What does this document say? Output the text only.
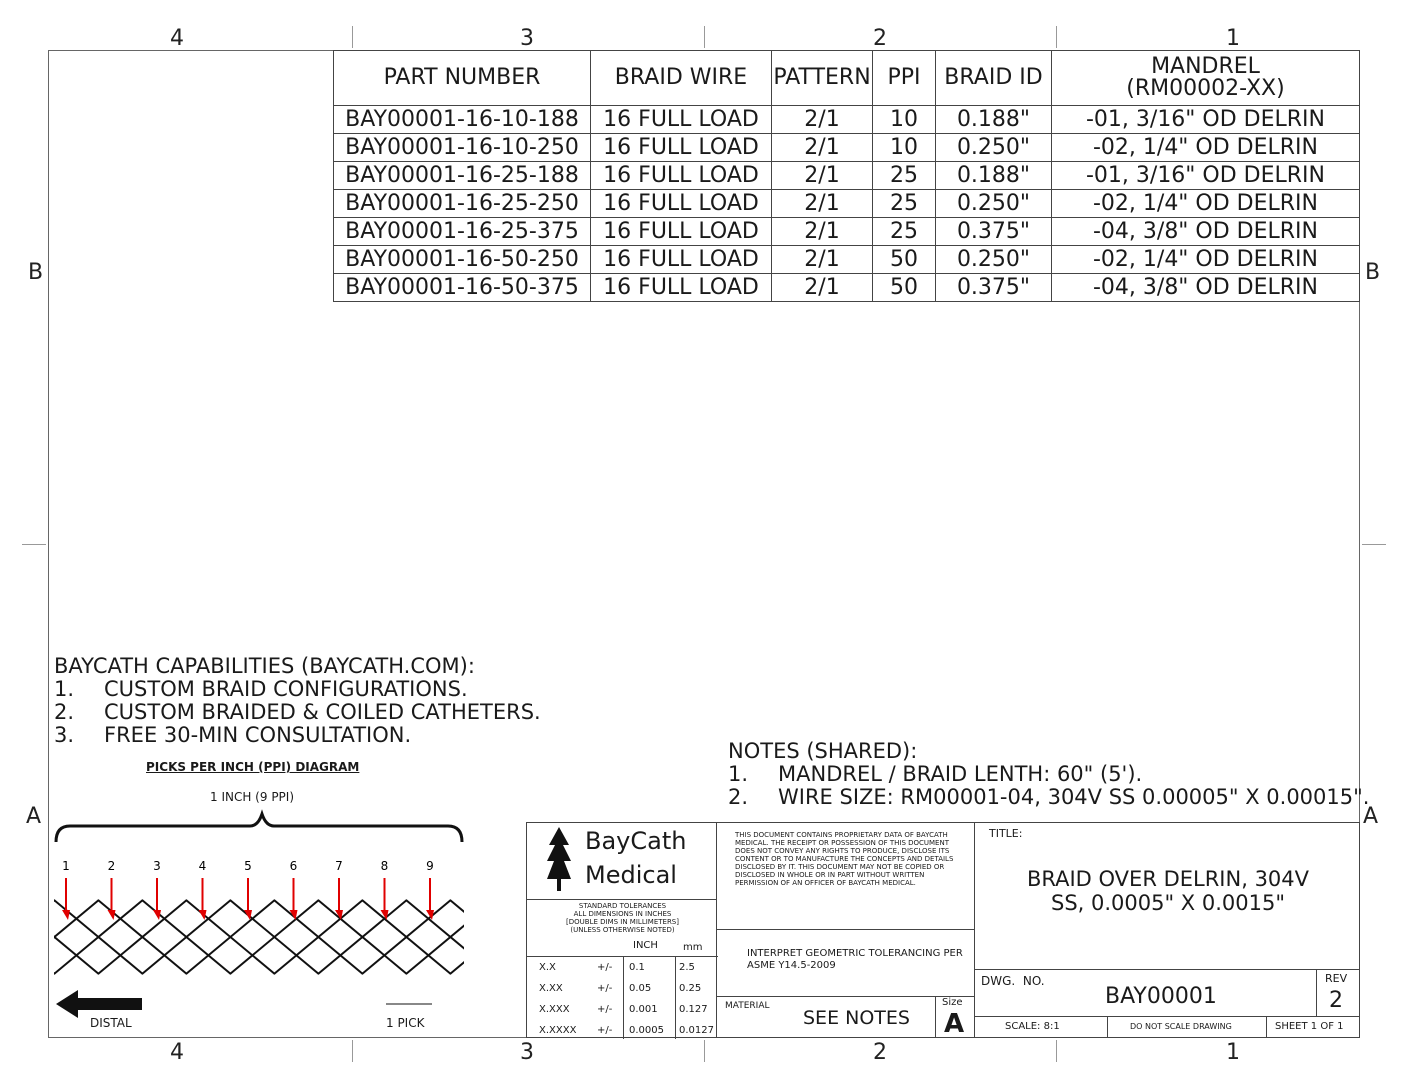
4	3	2	1
4	3	2	1
B
A
B
A
PART NUMBER	BRAID WIRE	PATTERN	PPI	BRAID ID	MANDREL
(RM00002-XX)
BAY00001-16-10-188	16 FULL LOAD	2/1	10	0.188"	-01, 3/16" OD DELRIN
BAY00001-16-10-250	16 FULL LOAD	2/1	10	0.250"	-02, 1/4" OD DELRIN
BAY00001-16-25-188	16 FULL LOAD	2/1	25	0.188"	-01, 3/16" OD DELRIN
BAY00001-16-25-250	16 FULL LOAD	2/1	25	0.250"	-02, 1/4" OD DELRIN
BAY00001-16-25-375	16 FULL LOAD	2/1	25	0.375"	-04, 3/8" OD DELRIN
BAY00001-16-50-250	16 FULL LOAD	2/1	50	0.250"	-02, 1/4" OD DELRIN
BAY00001-16-50-375	16 FULL LOAD	2/1	50	0.375"	-04, 3/8" OD DELRIN
BAYCATH CAPABILITIES (BAYCATH.COM):
1.	CUSTOM BRAID CONFIGURATIONS.
2.	CUSTOM BRAIDED & COILED CATHETERS.
3.	FREE 30-MIN CONSULTATION.
NOTES (SHARED):
1.	MANDREL / BRAID LENTH: 60" (5').
2.	WIRE SIZE: RM00001-04, 304V SS 0.00005" X 0.00015".
PICKS PER INCH (PPI) DIAGRAM
1 INCH (9 PPI)
1	2	3	4	5	6	7	8	9
DISTAL	1 PICK
BayCath
Medical
THIS DOCUMENT CONTAINS PROPRIETARY DATA OF BAYCATH MEDICAL. THE RECEIPT OR POSSESSION OF THIS DOCUMENT DOES NOT CONVEY ANY RIGHTS TO PRODUCE, DISCLOSE ITS CONTENT OR TO MANUFACTURE THE CONCEPTS AND DETAILS DISCLOSED BY IT. THIS DOCUMENT MAY NOT BE COPIED OR DISCLOSED IN WHOLE OR IN PART WITHOUT WRITTEN PERMISSION OF AN OFFICER OF BAYCATH MEDICAL.
STANDARD TOLERANCES
ALL DIMENSIONS IN INCHES
[DOUBLE DIMS IN MILLIMETERS]
(UNLESS OTHERWISE NOTED)
INCH	mm
X.X	+/- 0.1	2.5
X.XX	+/- 0.05	0.25
X.XXX	+/- 0.001 0.127
X.XXXX +/- 0.0005 0.0127
INTERPRET GEOMETRIC TOLERANCING PER ASME Y14.5-2009
MATERIAL
SEE NOTES
Size
A
TITLE:
BRAID OVER DELRIN, 304V
SS, 0.0005" X 0.0015"
DWG.  NO.
BAY00001
REV
2
SCALE: 8:1	DO NOT SCALE DRAWING	SHEET 1 OF 1
